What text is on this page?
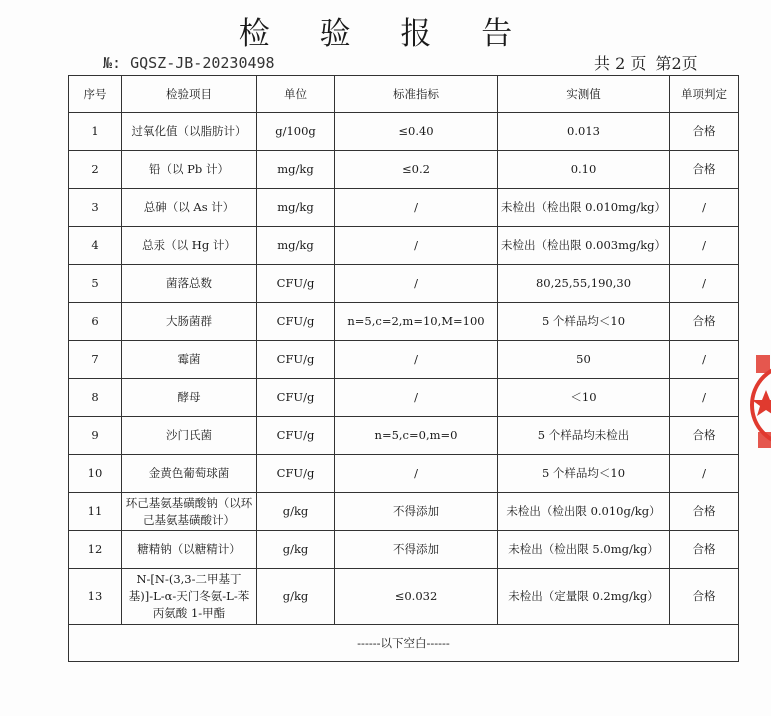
检 验 报 告
№: GQSZ-JB-20230498	共 2 页 第2页
序号	检验项目	单位	标准指标	实测值	单项判定
1	过氧化值（以脂肪计）	g/100g	≤0.40	0.013	合格
2	铅（以 Pb 计）	mg/kg	≤0.2	0.10	合格
3	总砷（以 As 计）	mg/kg	/	未检出（检出限 0.010mg/kg）	/
4	总汞（以 Hg 计）	mg/kg	/	未检出（检出限 0.003mg/kg）	/
5	菌落总数	CFU/g	/	80,25,55,190,30	/
6	大肠菌群	CFU/g	n=5,c=2,m=10,M=100	5 个样品均＜10	合格
7	霉菌	CFU/g	/	50	/
8	酵母	CFU/g	/	＜10	/
9	沙门氏菌	CFU/g	n=5,c=0,m=0	5 个样品均未检出	合格
10	金黄色葡萄球菌	CFU/g	/	5 个样品均＜10	/
11	环己基氨基磺酸钠（以环己基氨基磺酸计）	g/kg	不得添加	未检出（检出限 0.010g/kg）	合格
12	糖精钠（以糖精计）	g/kg	不得添加	未检出（检出限 5.0mg/kg）	合格
13	N-[N-(3,3-二甲基丁基)]-L-α-天门冬氨-L-苯丙氨酸 1-甲酯	g/kg	≤0.032	未检出（定量限 0.2mg/kg）	合格
------以下空白------					
